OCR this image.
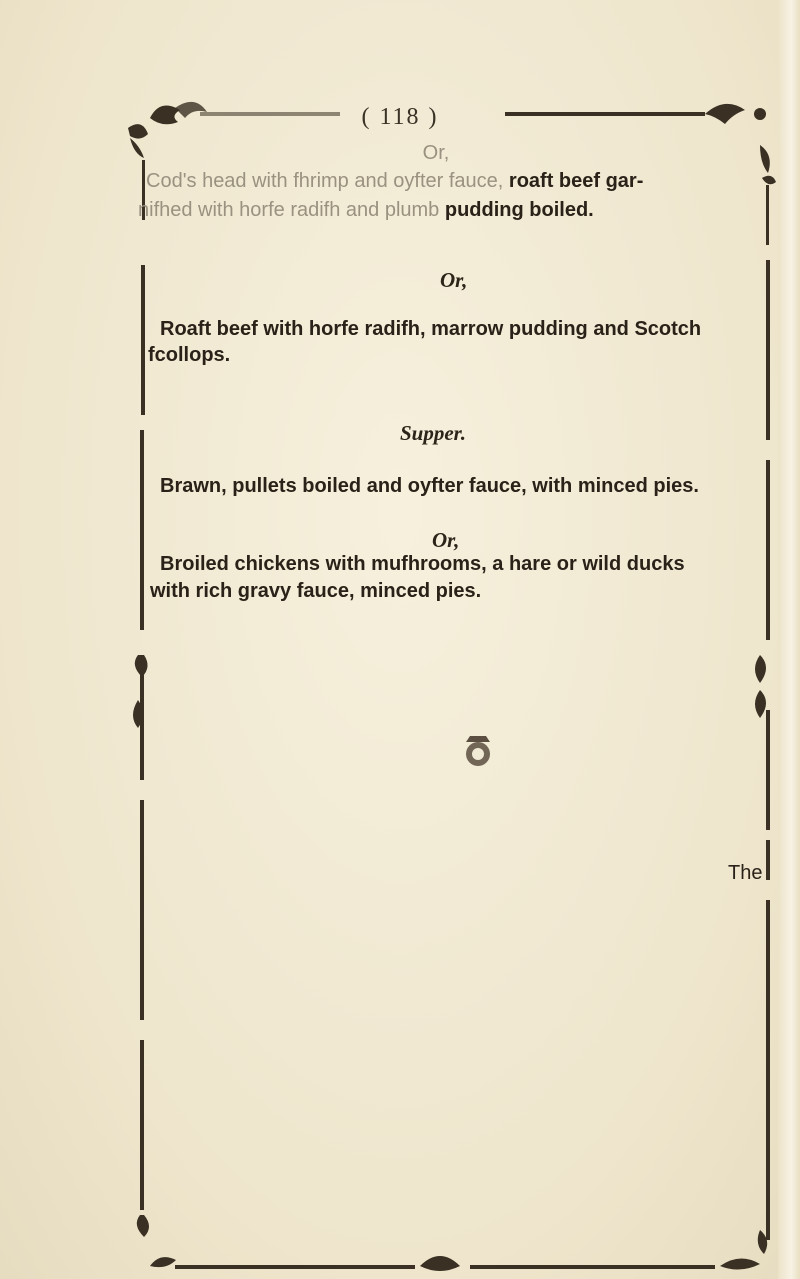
( 118 )
Or,
Cod's head with fhrimp and oyfter fauce, roaft beef gar-
nifhed with horfe radifh and plumb pudding boiled.
Or,
Roaft beef with horfe radifh, marrow pudding and Scotch
fcollops.
Supper.
Brawn, pullets boiled and oyfter fauce, with minced pies.
Or,
Broiled chickens with mufhrooms, a hare or wild ducks
with rich gravy fauce, minced pies.
The
